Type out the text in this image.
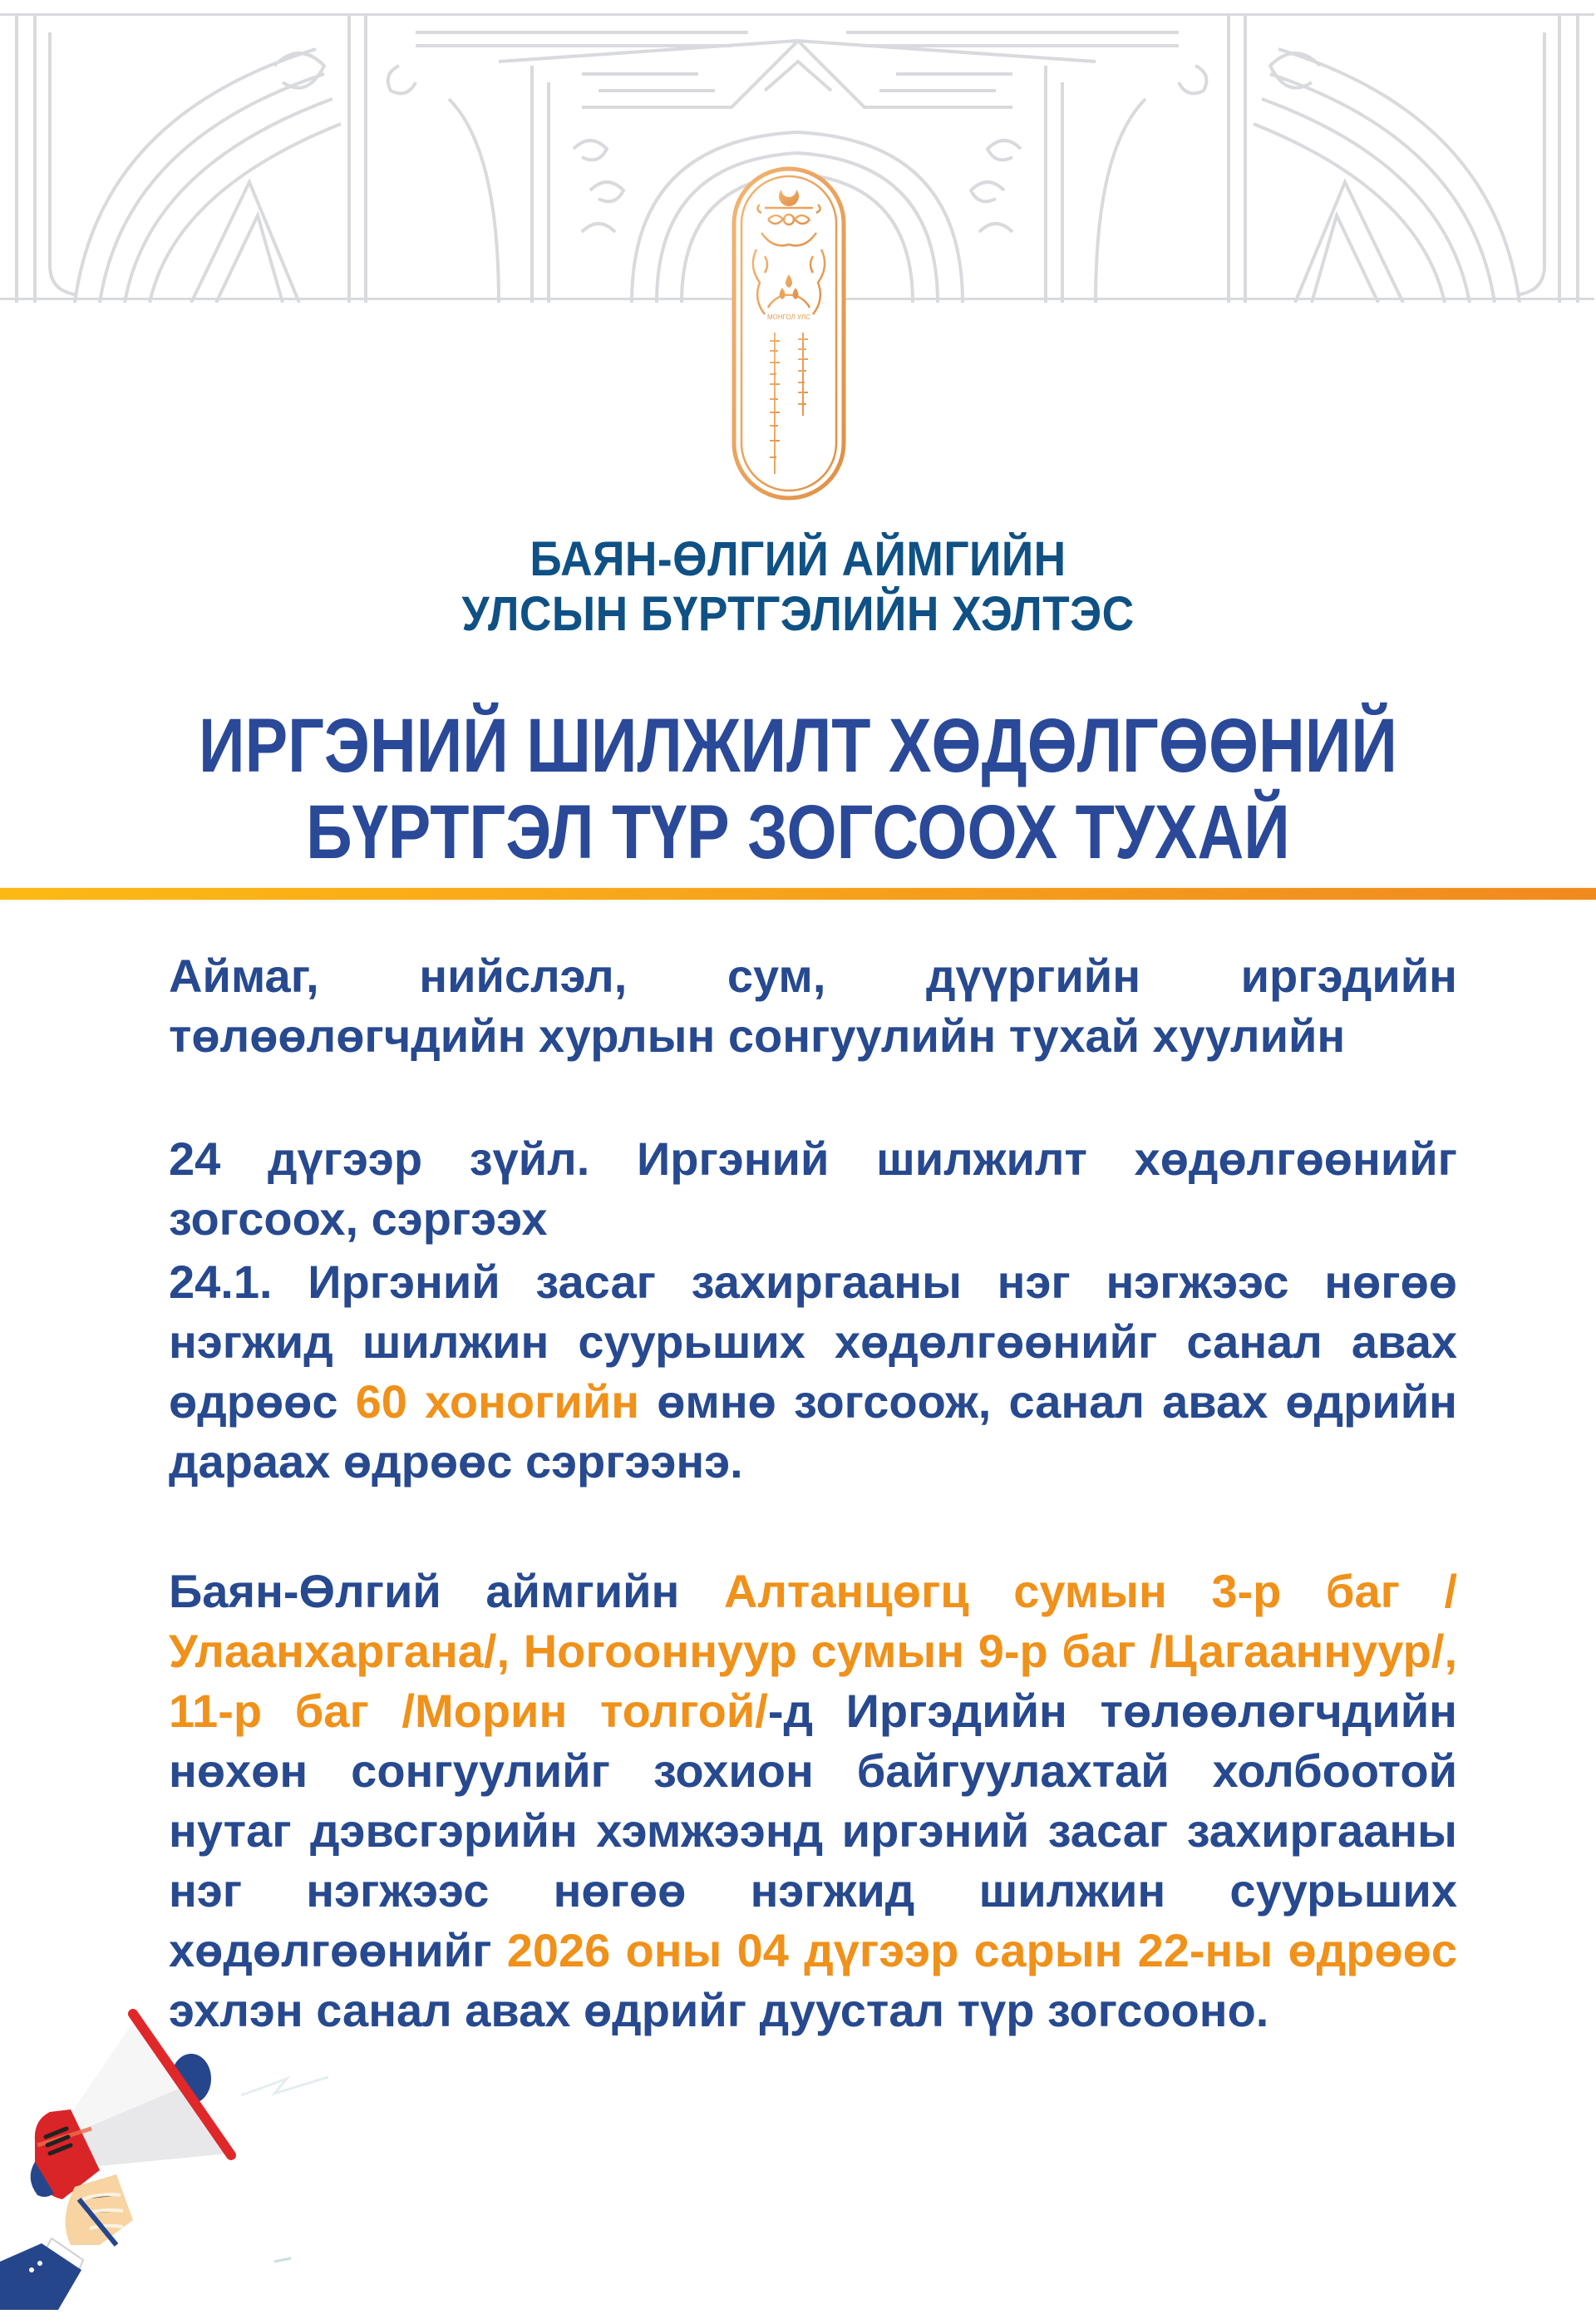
МОНГОЛ УЛС
БАЯН-ӨЛГИЙ АЙМГИЙН
УЛСЫН БҮРТГЭЛИЙН ХЭЛТЭС
ИРГЭНИЙ ШИЛЖИЛТ ХӨДӨЛГӨӨНИЙ
БҮРТГЭЛ ТҮР ЗОГСООХ ТУХАЙ
Аймаг, нийслэл, сум, дүүргийн иргэдийн төлөөлөгчдийн хурлын сонгуулийн тухай хуулийн
24 дүгээр зүйл. Иргэний шилжилт хөдөлгөөнийг зогсоох, сэргээх
24.1. Иргэний засаг захиргааны нэг нэгжээс нөгөө нэгжид шилжин суурьших хөдөлгөөнийг санал авах өдрөөс 60 хоногийн өмнө зогсоож, санал авах өдрийн дараах өдрөөс сэргээнэ.
Баян-Өлгий аймгийн Алтанцөгц сумын 3-р баг /Улаанхаргана/, Ногооннуур сумын 9-р баг /Цагааннуур/, 11-р баг /Морин толгой/-д Иргэдийн төлөөлөгчдийн нөхөн сонгуулийг зохион байгуулахтай холбоотой нутаг дэвсгэрийн хэмжээнд иргэний засаг захиргааны нэг нэгжээс нөгөө нэгжид шилжин суурьших хөдөлгөөнийг 2026 оны 04 дүгээр сарын 22-ны өдрөөс эхлэн санал авах өдрийг дуустал түр зогсооно.
